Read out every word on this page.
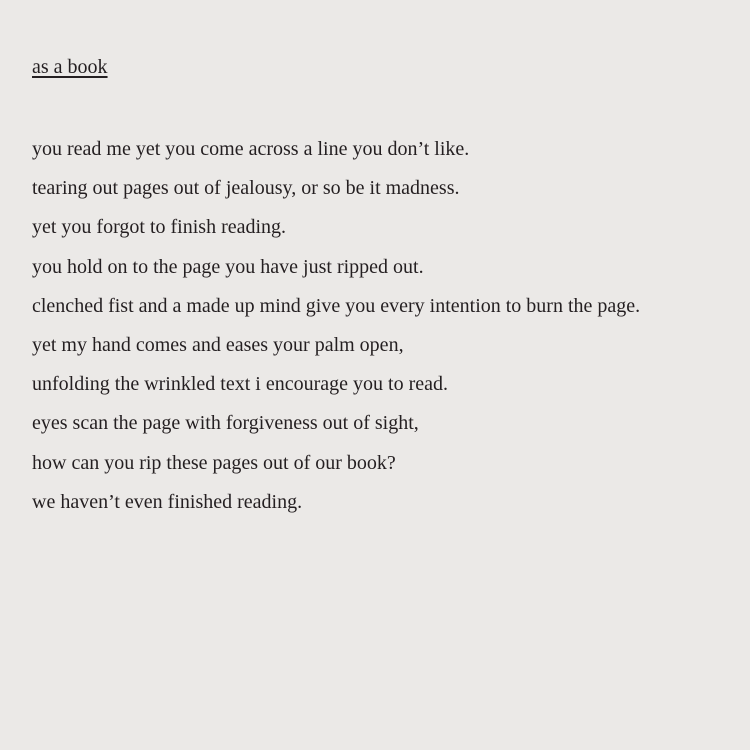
as a book
you read me yet you come across a line you don’t like.
tearing out pages out of jealousy, or so be it madness.
yet you forgot to finish reading.
you hold on to the page you have just ripped out.
clenched fist and a made up mind give you every intention to burn the page.
yet my hand comes and eases your palm open,
unfolding the wrinkled text i encourage you to read.
eyes scan the page with forgiveness out of sight,
how can you rip these pages out of our book?
we haven’t even finished reading.
